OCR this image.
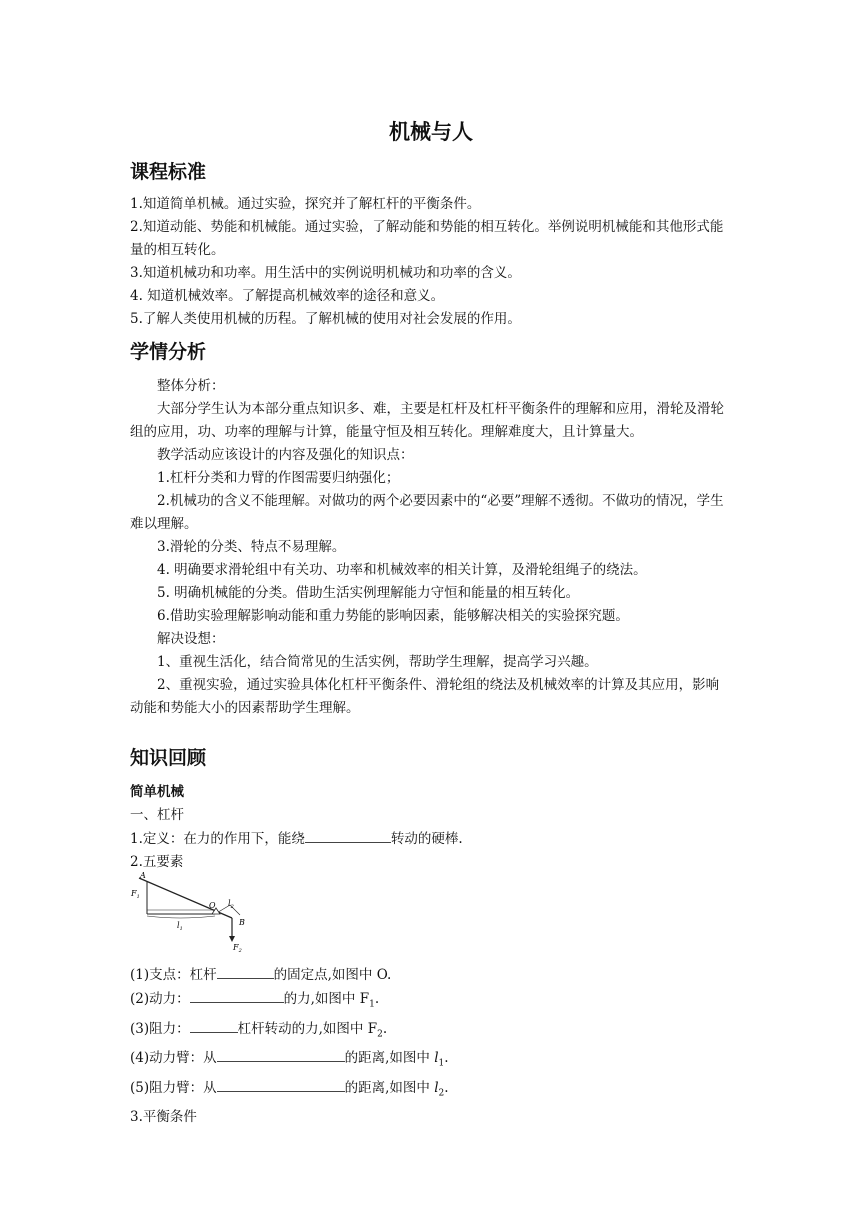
机械与人
课程标准

1.知道简单机械。通过实验，探究并了解杠杆的平衡条件。

2.知道动能、势能和机械能。通过实验，了解动能和势能的相互转化。举例说明机械能和其他形式能量的相互转化。

3.知道机械功和功率。用生活中的实例说明机械功和功率的含义。

4. 知道机械效率。了解提高机械效率的途径和意义。

5.了解人类使用机械的历程。了解机械的使用对社会发展的作用。

学情分析

整体分析：

大部分学生认为本部分重点知识多、难，主要是杠杆及杠杆平衡条件的理解和应用，滑轮及滑轮组的应用，功、功率的理解与计算，能量守恒及相互转化。理解难度大，且计算量大。

教学活动应该设计的内容及强化的知识点：

1.杠杆分类和力臂的作图需要归纳强化；

2.机械功的含义不能理解。对做功的两个必要因素中的“必要”理解不透彻。不做功的情况，学生难以理解。

3.滑轮的分类、特点不易理解。

4. 明确要求滑轮组中有关功、功率和机械效率的相关计算，及滑轮组绳子的绕法。

5. 明确机械能的分类。借助生活实例理解能力守恒和能量的相互转化。

6.借助实验理解影响动能和重力势能的影响因素，能够解决相关的实验探究题。

解决设想：

1、重视生活化，结合简常见的生活实例，帮助学生理解，提高学习兴趣。

2、重视实验，通过实验具体化杠杆平衡条件、滑轮组的绕法及机械效率的计算及其应用，影响动能和势能大小的因素帮助学生理解。

知识回顾
简单机械

一、杠杆

1.定义：在力的作用下，能绕	转动的硬棒.

2.五要素

A
$F_1$
O $l_2$
B
$l_1$
$F_2$

(1)支点：杠杆	的固定点,如图中 O.

(2)动力：	的力,如图中 $F_1$.

(3)阻力：	杠杆转动的力,如图中 $F_2$.

(4)动力臂：从	的距离,如图中 $l_1$.

(5)阻力臂：从	的距离,如图中 $l_2$.

3.平衡条件
